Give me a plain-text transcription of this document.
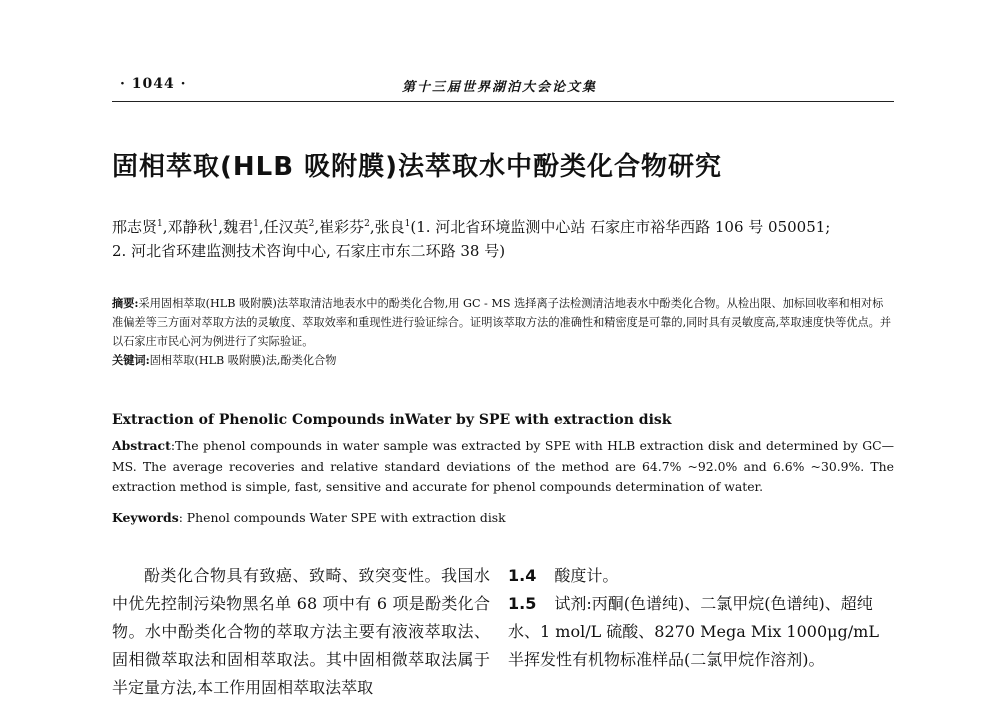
· 1044 ·	第十三届世界湖泊大会论文集
固相萃取(HLB 吸附膜)法萃取水中酚类化合物研究
邢志贤$^1$,邓静秋$^1$,魏君$^1$,任汉英$^2$,崔彩芬$^2$,张良$^1$(1. 河北省环境监测中心站 石家庄市裕华西路 106 号 050051;
2. 河北省环建监测技术咨询中心, 石家庄市东二环路 38 号)
摘要:采用固相萃取(HLB 吸附膜)法萃取清洁地表水中的酚类化合物,用 GC - MS 选择离子法检测清洁地表水中酚类化合物。从检出限、加标回收率和相对标准偏差等三方面对萃取方法的灵敏度、萃取效率和重现性进行验证综合。证明该萃取方法的准确性和精密度是可靠的,同时具有灵敏度高,萃取速度快等优点。并以石家庄市民心河为例进行了实际验证。
关键词:固相萃取(HLB 吸附膜)法,酚类化合物
Extraction of Phenolic Compounds inWater by SPE with extraction disk
Abstract:The phenol compounds in water sample was extracted by SPE with HLB extraction disk and determined by GC—MS. The average recoveries and relative standard deviations of the method are 64.7% ~92.0% and 6.6% ~30.9%. The extraction method is simple, fast, sensitive and accurate for phenol compounds determination of water.
Keywords: Phenol compounds Water SPE with extraction disk

酚类化合物具有致癌、致畸、致突变性。我国水中优先控制污染物黑名单 68 项中有 6 项是酚类化合物。水中酚类化合物的萃取方法主要有液液萃取法、固相微萃取法和固相萃取法。其中固相微萃取法属于半定量方法,本工作用固相萃取法萃取

1.4 酸度计。
1.5 试剂:丙酮(色谱纯)、二氯甲烷(色谱纯)、超纯水、1 mol/L 硫酸、8270 Mega Mix 1000μg/mL 半挥发性有机物标准样品(二氯甲烷作溶剂)。
